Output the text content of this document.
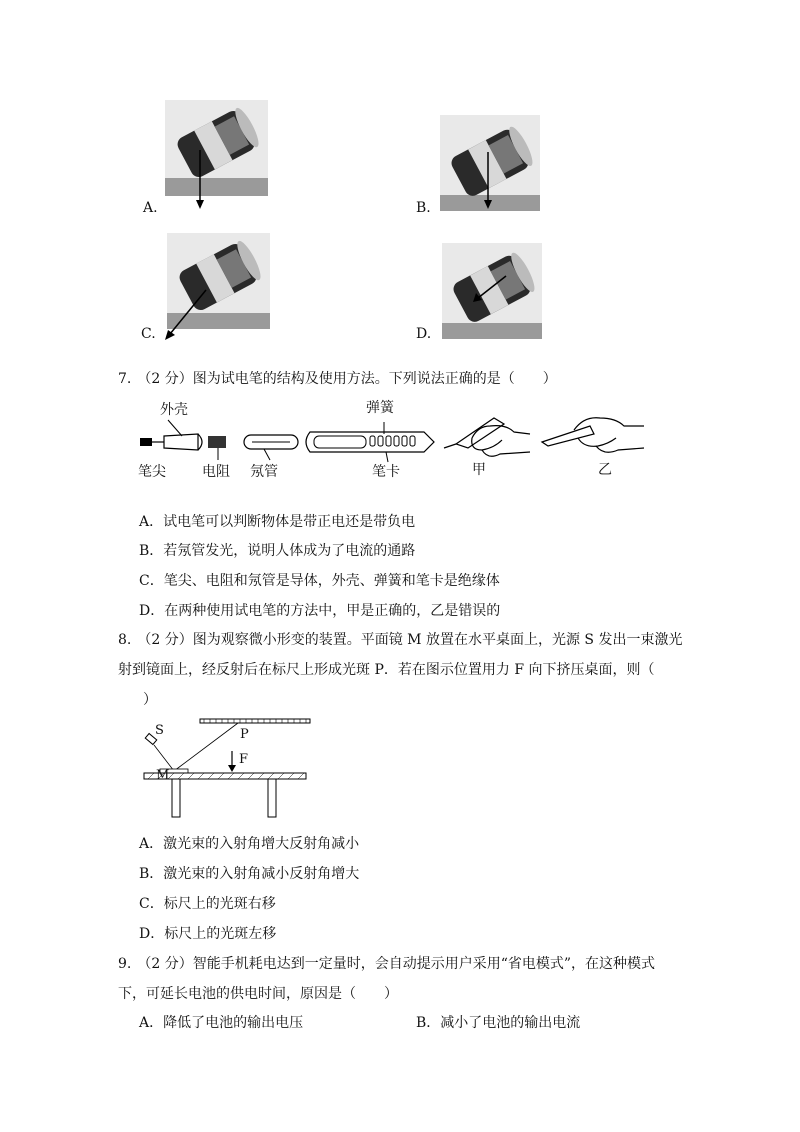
A.	B.
C.	D.
7. （2 分）图为试电笔的结构及使用方法。下列说法正确的是（　　）
外壳	弹簧
笔尖	电阻 氖管	笔卡	甲	乙
A．试电笔可以判断物体是带正电还是带负电
B．若氖管发光，说明人体成为了电流的通路
C．笔尖、电阻和氖管是导体，外壳、弹簧和笔卡是绝缘体
D．在两种使用试电笔的方法中，甲是正确的，乙是错误的
8. （2 分）图为观察微小形变的装置。平面镜 M 放置在水平桌面上，光源 S 发出一束激光
射到镜面上，经反射后在标尺上形成光斑 P．若在图示位置用力 F 向下挤压桌面，则（
）
S
M
P
F
A．激光束的入射角增大反射角减小
B．激光束的入射角减小反射角增大
C．标尺上的光斑右移
D．标尺上的光斑左移
9. （2 分）智能手机耗电达到一定量时，会自动提示用户采用“省电模式”，在这种模式
下，可延长电池的供电时间，原因是（　　）
A．降低了电池的输出电压	B．减小了电池的输出电流
